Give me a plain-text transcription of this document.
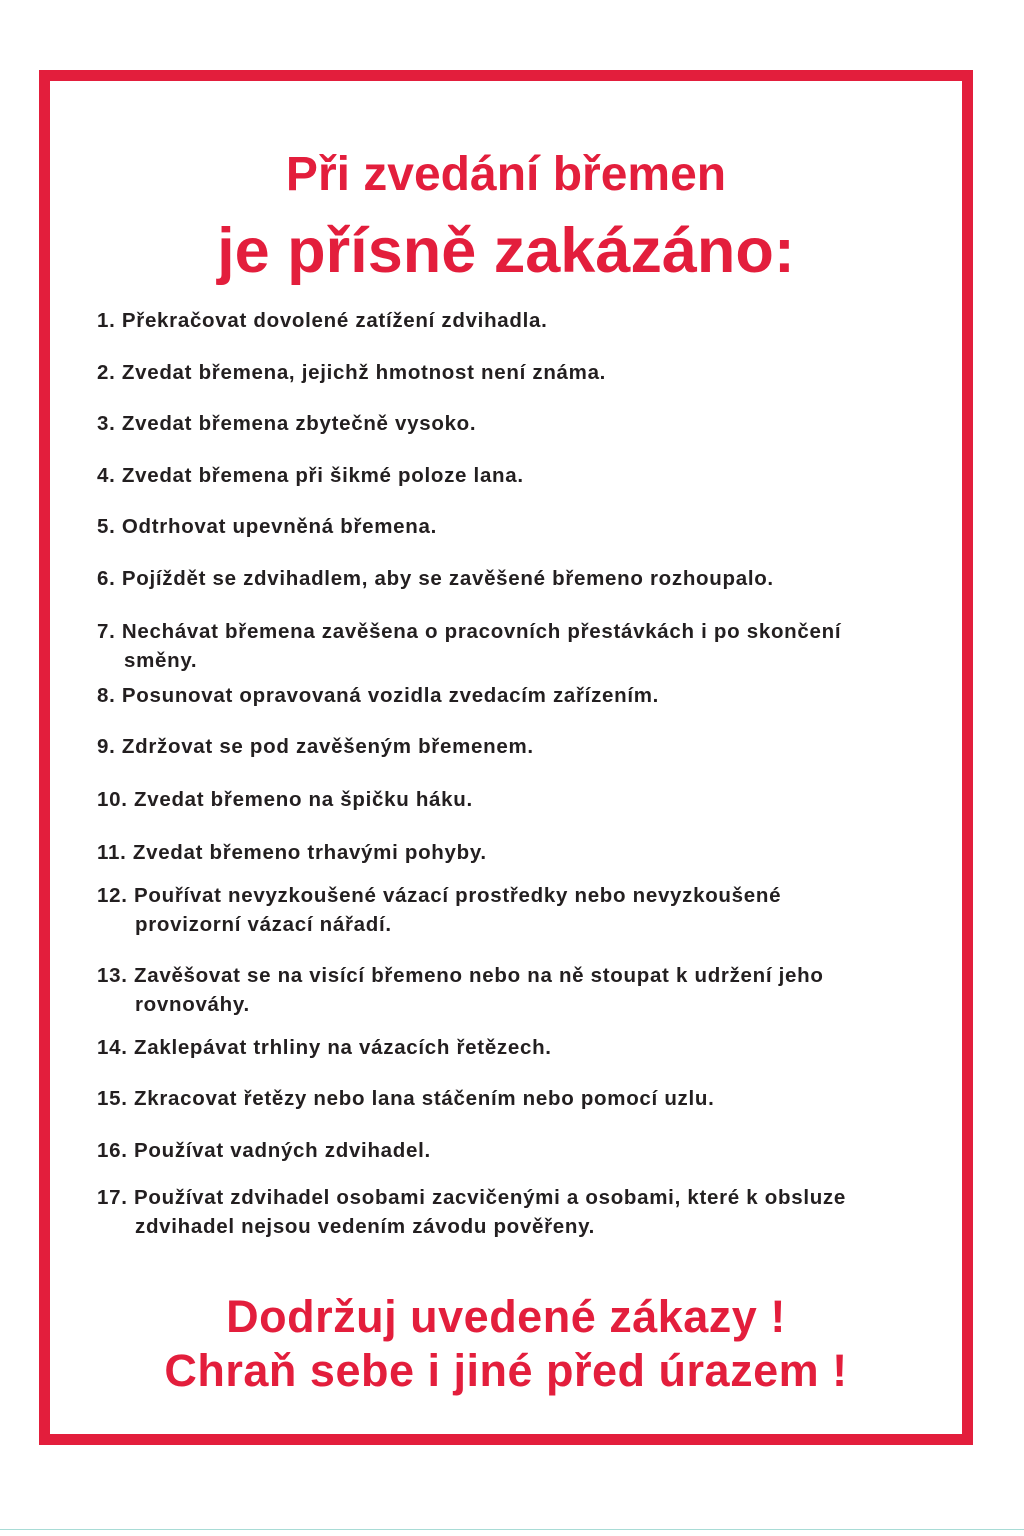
Při zvedání břemen
je přísně zakázáno:
1. Překračovat dovolené zatížení zdvihadla.
2. Zvedat břemena, jejichž hmotnost není známa.
3. Zvedat břemena zbytečně vysoko.
4. Zvedat břemena při šikmé poloze lana.
5. Odtrhovat upevněná břemena.
6. Pojíždět se zdvihadlem, aby se zavěšené břemeno rozhoupalo.
7. Nechávat břemena zavěšena o pracovních přestávkách i po skončení
směny.
8. Posunovat opravovaná vozidla zvedacím zařízením.
9. Zdržovat se pod zavěšeným břemenem.
10. Zvedat břemeno na špičku háku.
11. Zvedat břemeno trhavými pohyby.
12. Pouřívat nevyzkoušené vázací prostředky nebo nevyzkoušené
provizorní vázací nářadí.
13. Zavěšovat se na visící břemeno nebo na ně stoupat k udržení jeho
rovnováhy.
14. Zaklepávat trhliny na vázacích řetězech.
15. Zkracovat řetězy nebo lana stáčením nebo pomocí uzlu.
16. Používat vadných zdvihadel.
17. Používat zdvihadel osobami zacvičenými a osobami, které k obsluze
zdvihadel nejsou vedením závodu pověřeny.
Dodržuj uvedené zákazy !
Chraň sebe i jiné před úrazem !
